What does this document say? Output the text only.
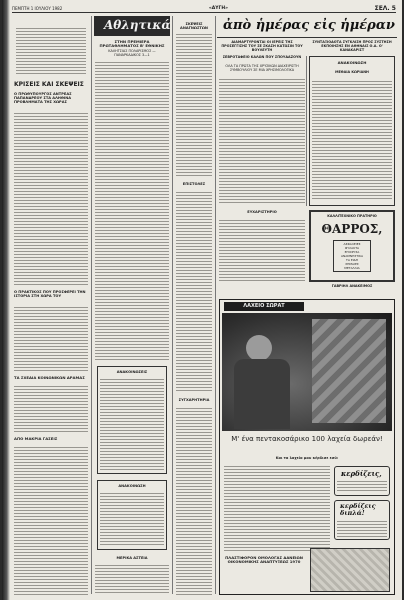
ΠΕΜΠΤΗ 1 ΙΟΥΛΙΟΥ 1982	«ΑΥΓΗ»	ΣΕΛ. 5
ΚΡΙΣΕΙΣ ΚΑΙ ΣΚΕΨΕΙΣ
Ο ΠΡΩΘΥΠΟΥΡΓΟΣ ΑΝΤΡΕΑΣ ΠΑΠΑΝΔΡΕΟΥ ΣΤΑ ΑΛΗΘΙΝΑ ΠΡΟΒΛΗΜΑΤΑ ΤΗΣ ΧΩΡΑΣ
Ο ΠΡΑΚΤΙΚΟΣ ΠΟΥ ΠΡΟΣΦΕΡΕΙ ΤΗΝ ΙΣΤΟΡΙΑ ΣΤΗ ΧΩΡΑ ΤΟΥ
ΤΑ ΣΧΕΔΙΑ ΚΟΙΝΩΝΙΚΩΝ ΔΡΑΜΑΣ
ΑΠΟ ΜΑΚΡΙΑ ΓΑΣΕΙΣ
Αθλητικά
ΣΤΗΝ ΠΡΕΜΙΕΡΑ ΠΡΩΤΑΘΛΗΜΑΤΟΣ Β' ΕΘΝΙΚΗΣ
ΚΑΛΗΤΣΙΑΣ ΠΟΛΑΡΙΣΜΟΣ — ΠΑΝΑΡΚΑΔΙΚΟΣ 3—1
ΑΝΑΚΟΙΝΩΣΕΙΣ
ΑΝΑΚΟΙΝΩΣΗ
ΜΕΡΙΚΑ ΑΣΤΕΙΑ
ΣΚΕΨΕΙΣ ΑΝΑΓΝΩΣΤΩΝ
ΕΠΙΣΤΟΛΕΣ
ΣΥΓΧΑΡΗΤΗΡΙΑ
ἀπὸ ἡμέρας εἰς ἡμέραν
ΔΙΑΜΑΡΤΥΡΟΝΤΑΙ ΟΙ ΙΕΡΕΙΣ ΤΗΣ ΠΡΟΣΕΓΓΙΣΗΣ ΤΟΥ ΣΕ ΣΚΑΣΗ ΚΑΤΩΣΙΝ ΤΟΥ ΒΟΥΛΕΥΤΗ
ΣΥΝΤΑΞΙΟΔΟΤΑ ΣΥΓΚΛΙΣΗ ΠΡΟΣ ΣΥΣΤΗΣΗ ΕΚΠΟΙΗΣΗΣ ΕΝ ΑΘΗΝΑΙΣ Ο.Α. Ο' ΚΑΝΑΚΑΡΙΣΤ
ΣΕΒΡΟΤΑΦΕΙΟ ΚΑΛΩΝ ΠΟΥ ΣΠΟΥΔΑΖΟΥΝ
ΟΛΑ ΤΑ ΠΡΩΤΑ ΤΗΣ ΧΡΥΣΙΚΩΝ ΔΙΑΧΕΙΡΙΣΤΗ ΣΥΜΒΟΥΛΙΟΥ ΣΕ ΜΙΑ ΧΡΗΣΙΜΟΛΟΓΙΚΑ
ΑΝΑΚΟΙΝΩΣΗ
ΜΕΘΑΙΑ ΚΩΡΙΑΝΗ
ΕΥΧΑΡΙΣΤΗΡΙΟ
ΚΑΛΛΙΤΕΧΝΙΚΟ ΠΡΑΤΗΡΙΟ
ΘΑΡΡΟΣ,
ΑΣΦΑΛΕΙΕΣ
ΦΥΛΑΚΤΑ
ΕΠΙΧΡΥΣΑ
ΑΝΑΜΝΗΣΤΙΚΑ
ΤΑ ΕΙΔΗ
ΣΗΜΑΙΕΣ
ΜΕΤΑΛΛΙΑ
ΓΑΒΡΙΗΛ ΑΝΑΚΕΙΜΟΣ
ΛΑΧΕΙΟ ΣΩΡΑΤ
Μ' ένα πεντακοσάρικο 100 λαχεία δωρεάν!
Και τα λαχεία μου κέρδισε εσύ:
κερδίζεις,
κερδίζεις διπλά!
ΠΛΑΣΤΙΦΟΡΟΝ ΟΜΟΛΟΓΑΣ ΔΑΝΕΙΩΝ ΟΙΚΟΝΟΜΙΚΗΣ ΑΝΑΠΤΥΞΕΩΣ 1970
